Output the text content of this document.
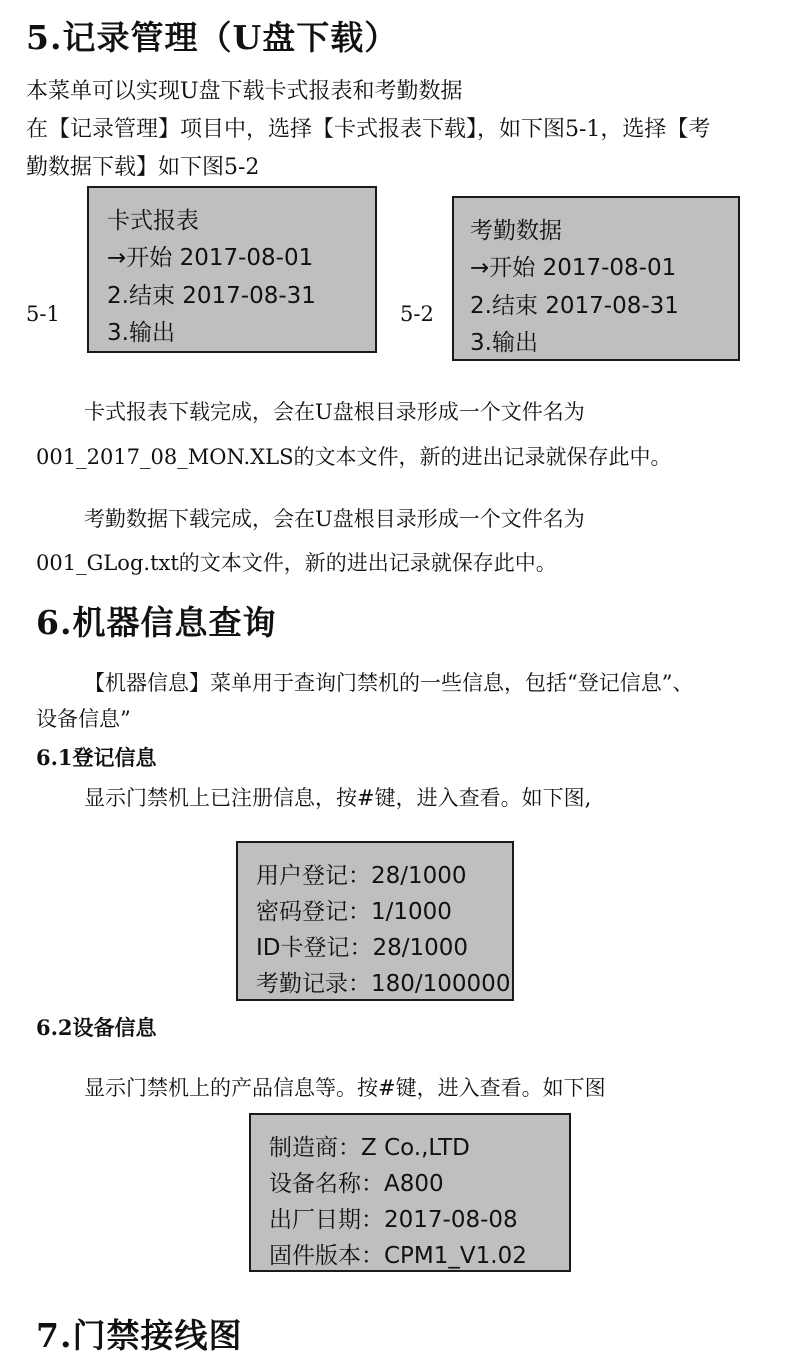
5.记录管理（U盘下载）
本菜单可以实现U盘下载卡式报表和考勤数据
在【记录管理】项目中，选择【卡式报表下载】，如下图5-1，选择【考
勤数据下载】如下图5-2
5-1
卡式报表
→开始 2017-08-01
2.结束 2017-08-31
3.输出
5-2
考勤数据
→开始 2017-08-01
2.结束 2017-08-31
3.输出
卡式报表下载完成，会在U盘根目录形成一个文件名为
001_2017_08_MON.XLS的文本文件，新的进出记录就保存此中。
考勤数据下载完成，会在U盘根目录形成一个文件名为
001_GLog.txt的文本文件，新的进出记录就保存此中。
6.机器信息查询
【机器信息】菜单用于查询门禁机的一些信息，包括“登记信息”、
设备信息”
6.1登记信息
显示门禁机上已注册信息，按#键，进入查看。如下图,
用户登记：28/1000
密码登记：1/1000
ID卡登记：28/1000
考勤记录：180/100000
6.2设备信息
显示门禁机上的产品信息等。按#键，进入查看。如下图
制造商：Z Co.,LTD
设备名称：A800
出厂日期：2017-08-08
固件版本：CPM1_V1.02
7.门禁接线图
